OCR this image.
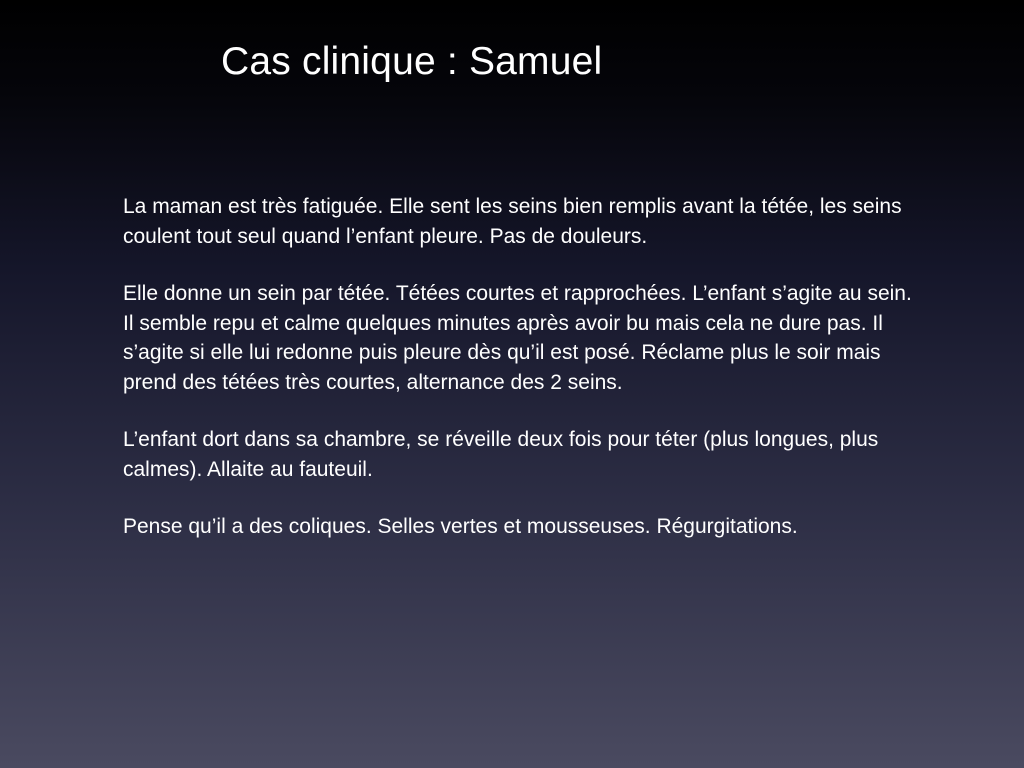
Cas clinique : Samuel

La maman est très fatiguée. Elle sent les seins bien remplis avant la tétée, les seins coulent tout seul quand l’enfant pleure. Pas de douleurs.

Elle donne un sein par tétée. Tétées courtes et rapprochées. L’enfant s’agite au sein. Il semble repu et calme quelques minutes après avoir bu mais cela ne dure pas. Il s’agite si elle lui redonne puis pleure dès qu’il est posé. Réclame plus le soir mais prend des tétées très courtes, alternance des 2 seins.

L’enfant dort dans sa chambre, se réveille deux fois pour téter (plus longues, plus calmes). Allaite au fauteuil.

Pense qu’il a des coliques. Selles vertes et mousseuses. Régurgitations.
